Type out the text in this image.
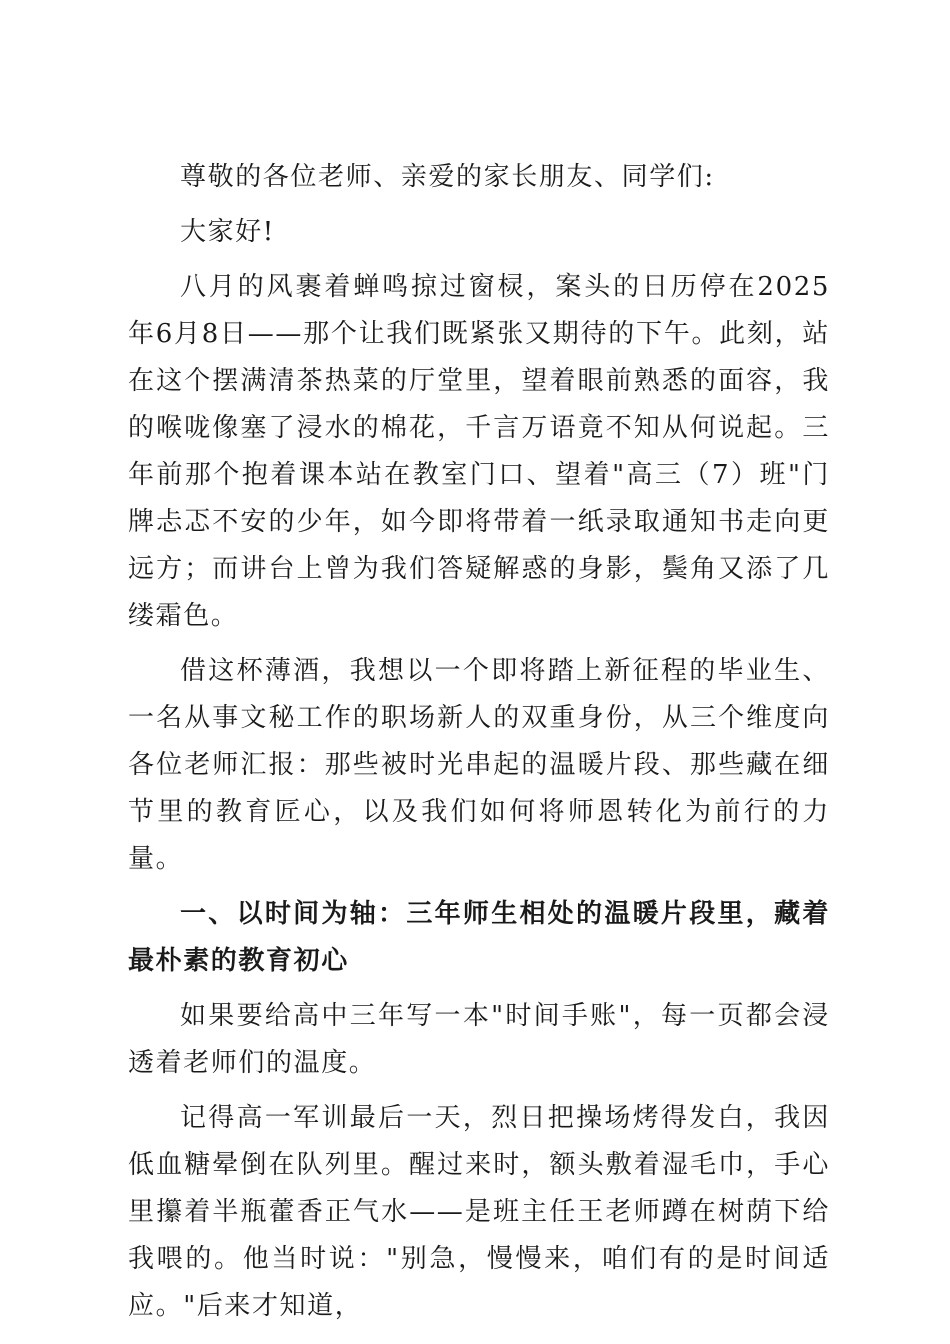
尊敬的各位老师、亲爱的家长朋友、同学们:

大家好!

八月的风裹着蝉鸣掠过窗棂，案头的日历停在2025年6月8日——那个让我们既紧张又期待的下午。此刻，站在这个摆满清茶热菜的厅堂里，望着眼前熟悉的面容，我的喉咙像塞了浸水的棉花，千言万语竟不知从何说起。三年前那个抱着课本站在教室门口、望着"高三（7）班"门牌忐忑不安的少年，如今即将带着一纸录取通知书走向更远方；而讲台上曾为我们答疑解惑的身影，鬓角又添了几缕霜色。

借这杯薄酒，我想以一个即将踏上新征程的毕业生、一名从事文秘工作的职场新人的双重身份，从三个维度向各位老师汇报：那些被时光串起的温暖片段、那些藏在细节里的教育匠心，以及我们如何将师恩转化为前行的力量。

一、以时间为轴：三年师生相处的温暖片段里，藏着最朴素的教育初心

如果要给高中三年写一本"时间手账"，每一页都会浸透着老师们的温度。

记得高一军训最后一天，烈日把操场烤得发白，我因低血糖晕倒在队列里。醒过来时，额头敷着湿毛巾，手心里攥着半瓶藿香正气水——是班主任王老师蹲在树荫下给我喂的。他当时说："别急，慢慢来，咱们有的是时间适应。"后来才知道，
